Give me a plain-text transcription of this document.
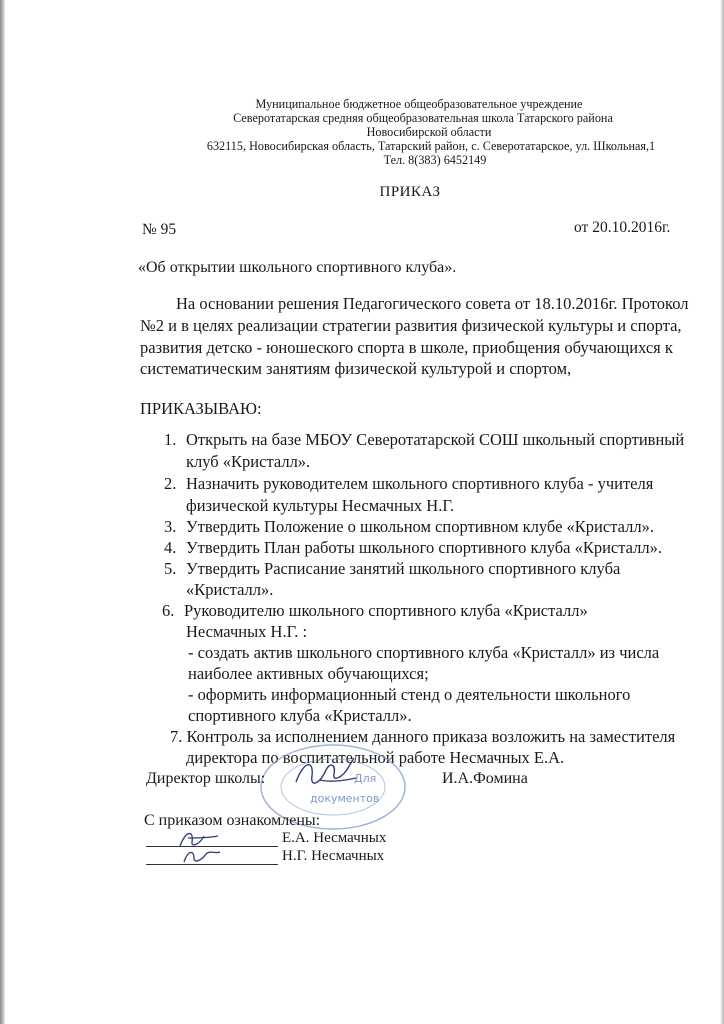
Муниципальное бюджетное общеобразовательное учреждение
Северотатарская средняя общеобразовательная школа Татарского района
Новосибирской области
632115, Новосибирская область, Татарский район, с. Северотатарское, ул. Школьная,1
Тел. 8(383) 6452149
ПРИКАЗ
№ 95	от 20.10.2016г.
«Об открытии школьного спортивного клуба».
На основании решения Педагогического совета от 18.10.2016г. Протокол
№2 и в целях реализации стратегии развития физической культуры и спорта,
развития детско - юношеского спорта в школе, приобщения обучающихся к
систематическим занятиям физической культурой и спортом,
ПРИКАЗЫВАЮ:
1. Открыть на базе МБОУ Северотатарской СОШ школьный спортивный
клуб «Кристалл».
2. Назначить руководителем школьного спортивного клуба - учителя
физической культуры Несмачных Н.Г.
3. Утвердить Положение о школьном спортивном клубе «Кристалл».
4. Утвердить План работы школьного спортивного клуба «Кристалл».
5. Утвердить Расписание занятий школьного спортивного клуба
«Кристалл».
6. Руководителю школьного спортивного клуба «Кристалл»
Несмачных Н.Г. :
- создать актив школьного спортивного клуба «Кристалл» из числа
наиболее активных обучающихся;
- оформить информационный стенд о деятельности школьного
спортивного клуба «Кристалл».
7. Контроль за исполнением данного приказа возложить на заместителя
директора по воспитательной работе Несмачных Е.А.
Для
документов
Директор школы:	И.А.Фомина
С приказом ознакомлены:
Е.А. Несмачных
Н.Г. Несмачных
